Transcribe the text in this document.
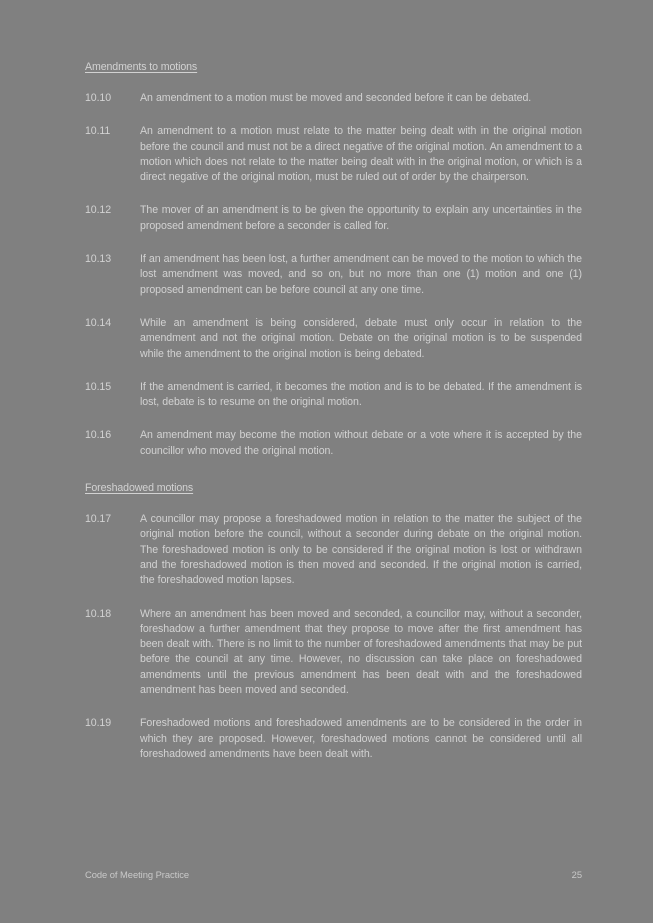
Amendments to motions
10.10	An amendment to a motion must be moved and seconded before it can be debated.
10.11	An amendment to a motion must relate to the matter being dealt with in the original motion before the council and must not be a direct negative of the original motion. An amendment to a motion which does not relate to the matter being dealt with in the original motion, or which is a direct negative of the original motion, must be ruled out of order by the chairperson.
10.12	The mover of an amendment is to be given the opportunity to explain any uncertainties in the proposed amendment before a seconder is called for.
10.13	If an amendment has been lost, a further amendment can be moved to the motion to which the lost amendment was moved, and so on, but no more than one (1) motion and one (1) proposed amendment can be before council at any one time.
10.14	While an amendment is being considered, debate must only occur in relation to the amendment and not the original motion. Debate on the original motion is to be suspended while the amendment to the original motion is being debated.
10.15	If the amendment is carried, it becomes the motion and is to be debated. If the amendment is lost, debate is to resume on the original motion.
10.16	An amendment may become the motion without debate or a vote where it is accepted by the councillor who moved the original motion.
Foreshadowed motions
10.17	A councillor may propose a foreshadowed motion in relation to the matter the subject of the original motion before the council, without a seconder during debate on the original motion. The foreshadowed motion is only to be considered if the original motion is lost or withdrawn and the foreshadowed motion is then moved and seconded. If the original motion is carried, the foreshadowed motion lapses.
10.18	Where an amendment has been moved and seconded, a councillor may, without a seconder, foreshadow a further amendment that they propose to move after the first amendment has been dealt with. There is no limit to the number of foreshadowed amendments that may be put before the council at any time. However, no discussion can take place on foreshadowed amendments until the previous amendment has been dealt with and the foreshadowed amendment has been moved and seconded.
10.19	Foreshadowed motions and foreshadowed amendments are to be considered in the order in which they are proposed. However, foreshadowed motions cannot be considered until all foreshadowed amendments have been dealt with.
Code of Meeting Practice	25
